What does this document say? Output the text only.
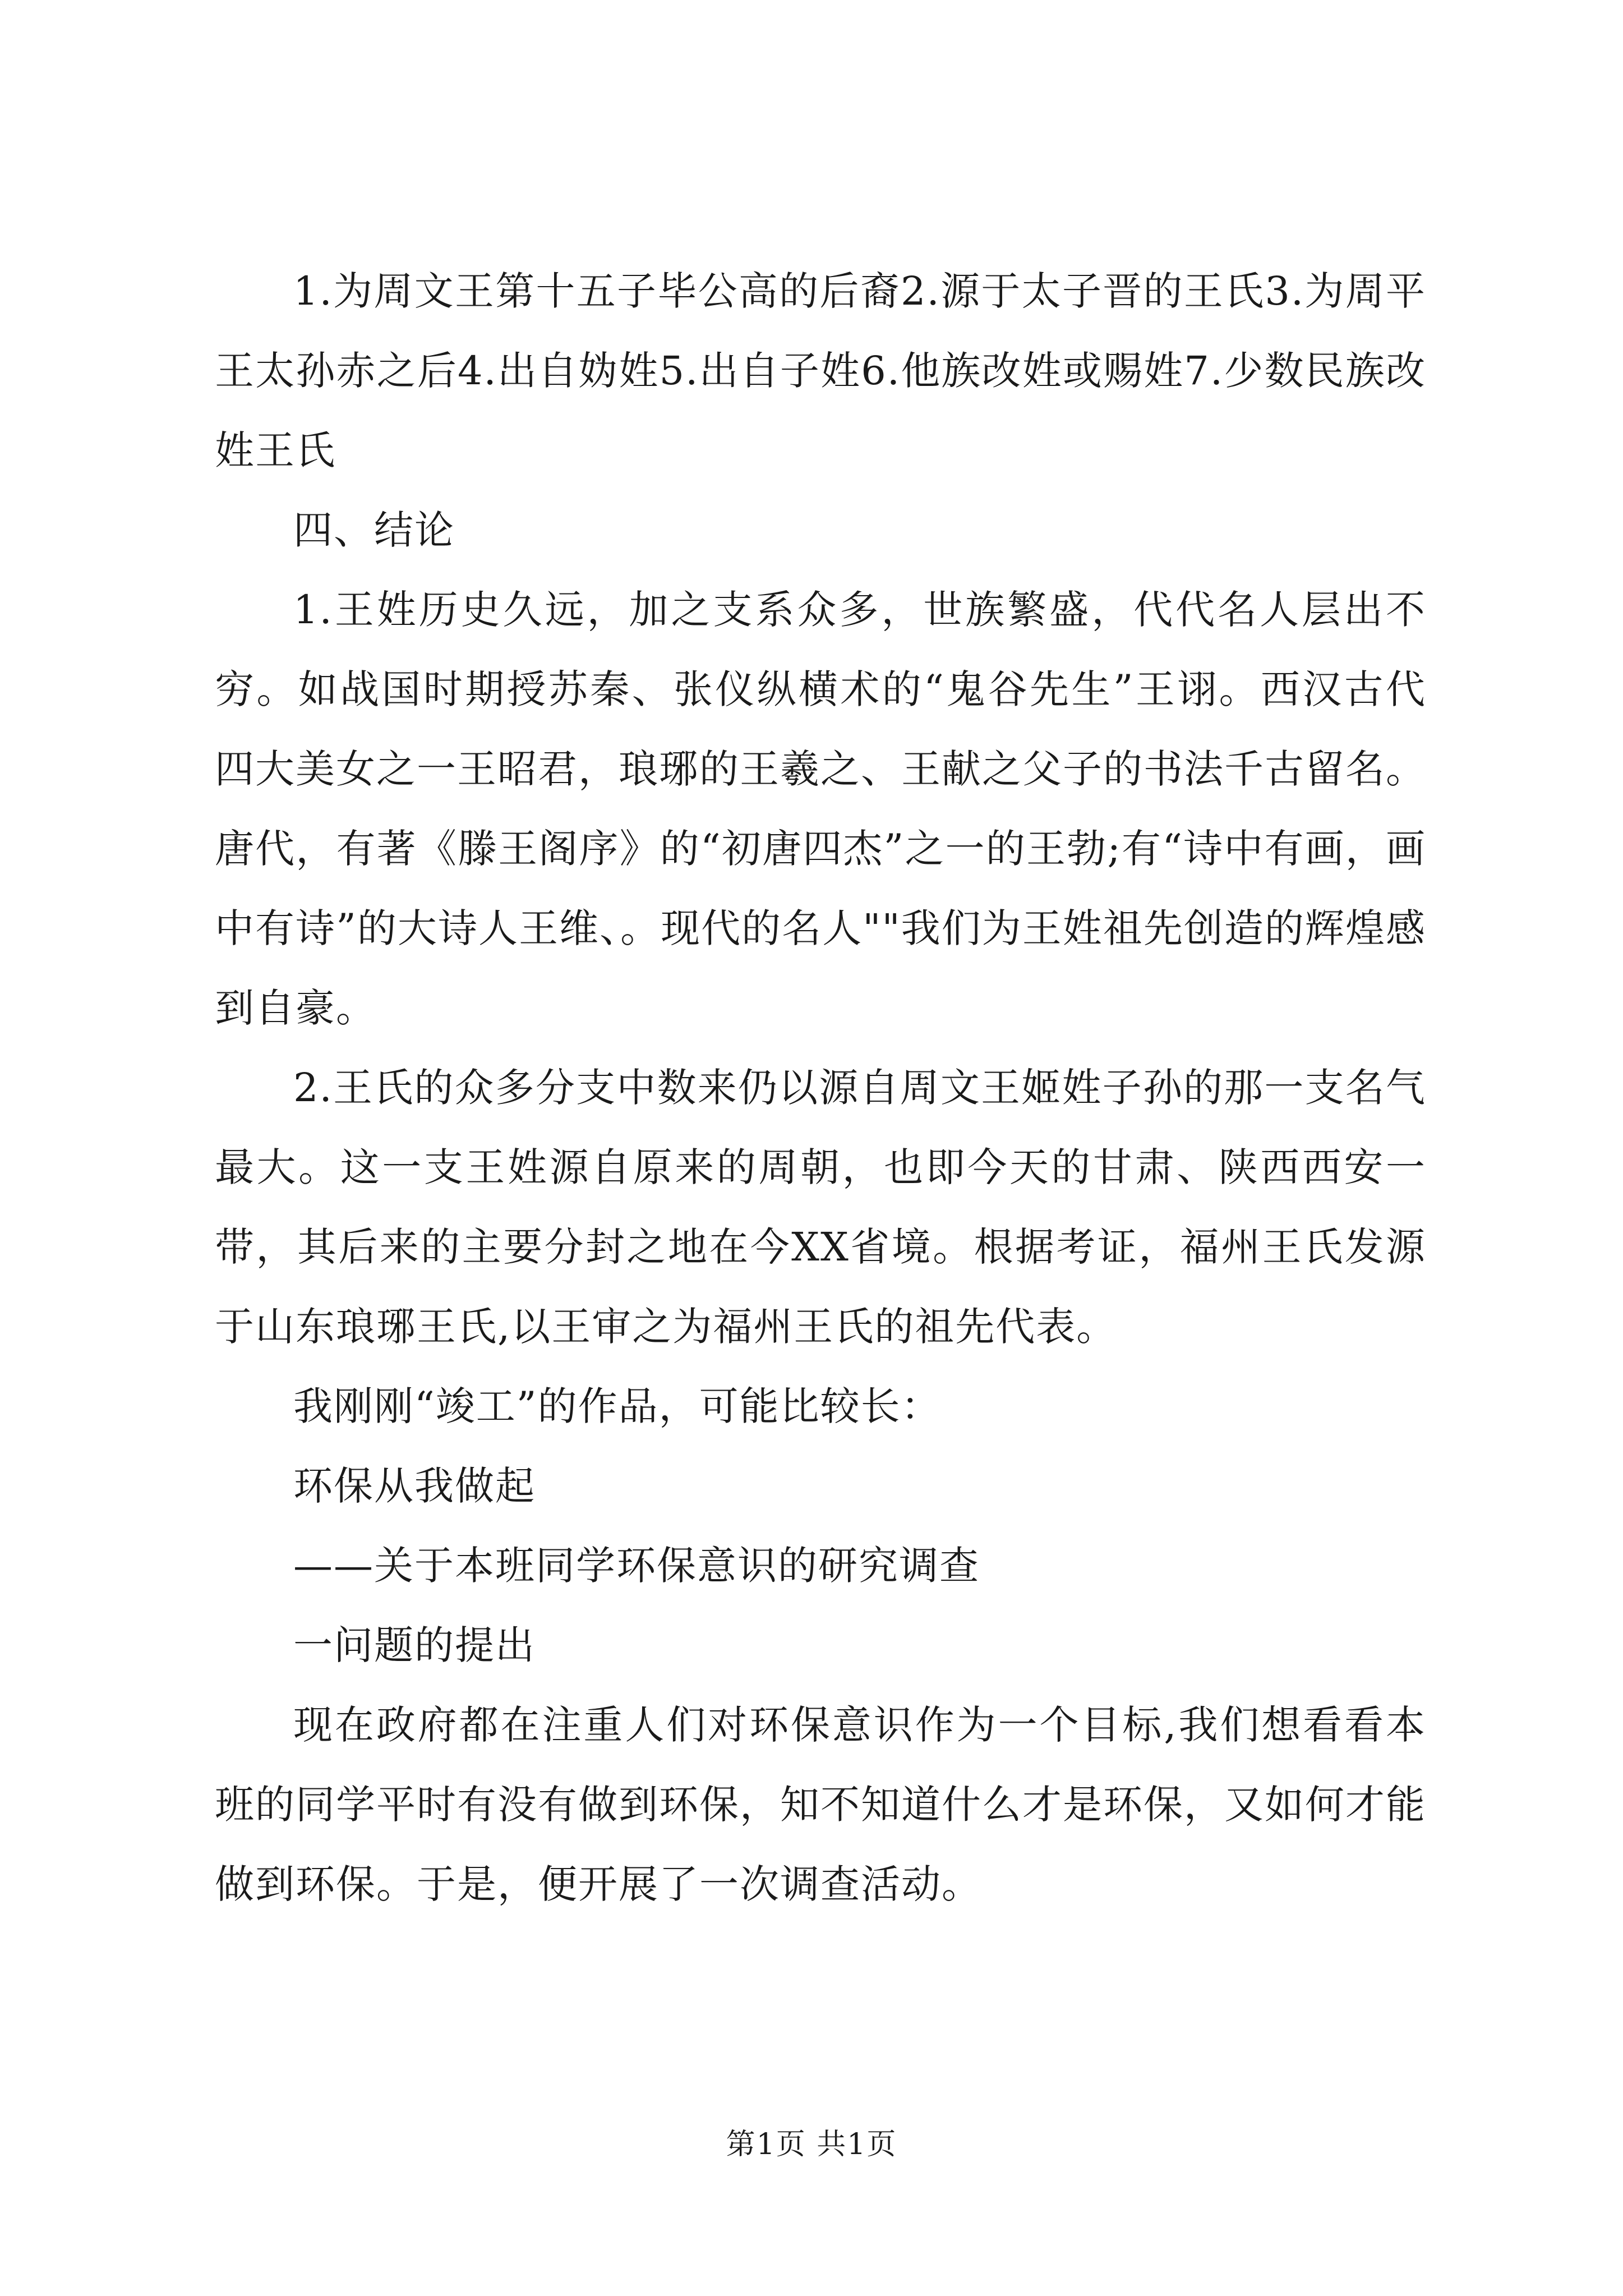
1.为周文王第十五子毕公高的后裔2.源于太子晋的王氏3.为周平王太孙赤之后4.出自妫姓5.出自子姓6.他族改姓或赐姓7.少数民族改姓王氏

四、结论

1.王姓历史久远，加之支系众多，世族繁盛，代代名人层出不穷。如战国时期授苏秦、张仪纵横术的“鬼谷先生”王诩。西汉古代四大美女之一王昭君，琅琊的王羲之、王献之父子的书法千古留名。唐代，有著《滕王阁序》的“初唐四杰”之一的王勃;有“诗中有画，画中有诗”的大诗人王维、。现代的名人""我们为王姓祖先创造的辉煌感到自豪。

2.王氏的众多分支中数来仍以源自周文王姬姓子孙的那一支名气最大。这一支王姓源自原来的周朝，也即今天的甘肃、陕西西安一带，其后来的主要分封之地在今XX省境。根据考证，福州王氏发源于山东琅琊王氏,以王审之为福州王氏的祖先代表。

我刚刚“竣工”的作品，可能比较长：

环保从我做起

——关于本班同学环保意识的研究调查

一问题的提出

现在政府都在注重人们对环保意识作为一个目标,我们想看看本班的同学平时有没有做到环保，知不知道什么才是环保，又如何才能做到环保。于是，便开展了一次调查活动。

第1页 共1页
